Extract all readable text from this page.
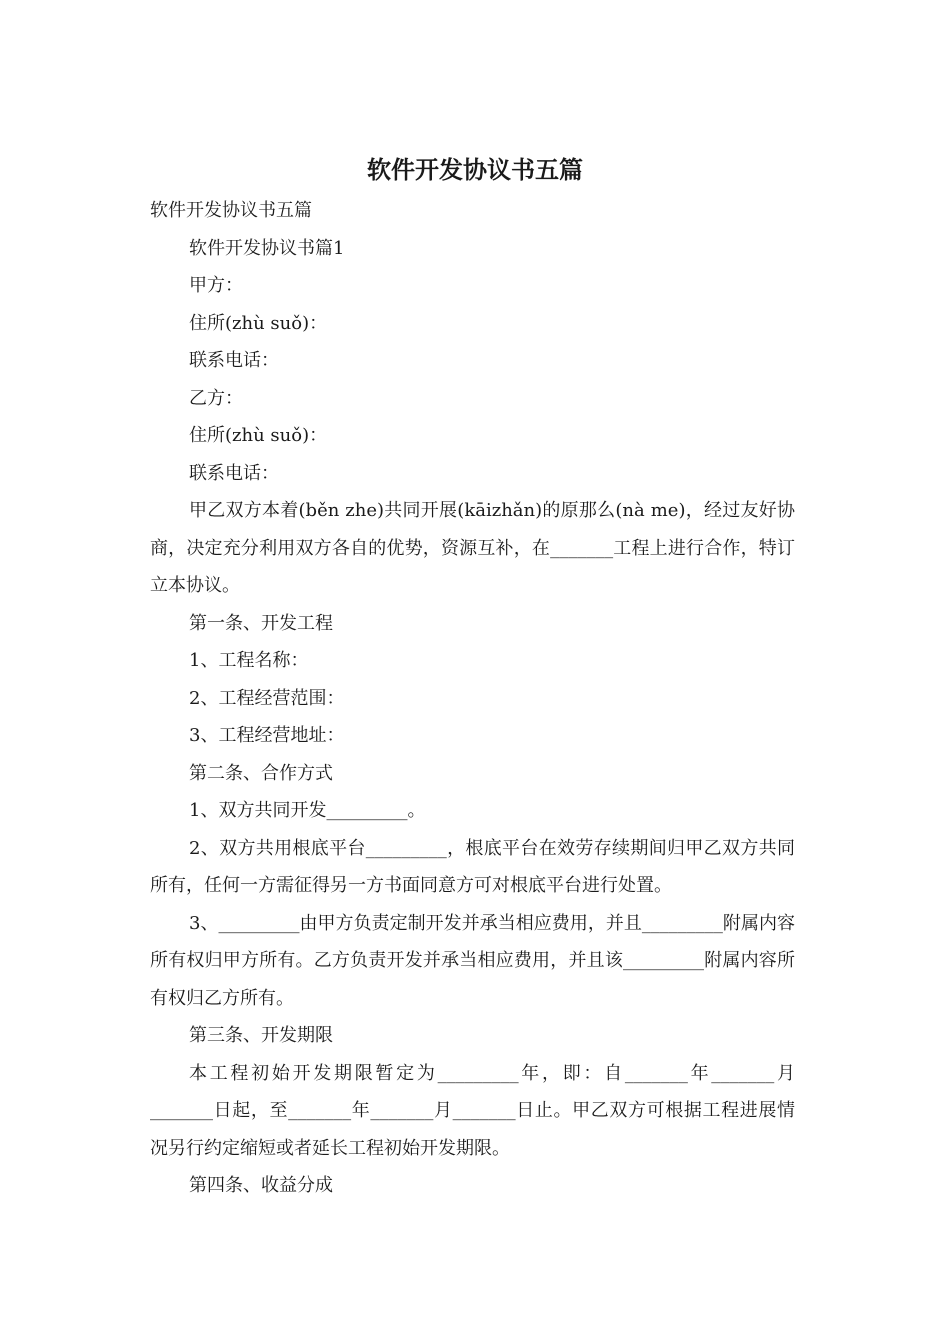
软件开发协议书五篇

软件开发协议书五篇

软件开发协议书篇1

甲方：

住所(zhù suǒ)：

联系电话：

乙方：

住所(zhù suǒ)：

联系电话：

甲乙双方本着(běn zhe)共同开展(kāizhǎn)的原那么(nà me)，经过友好协商，决定充分利用双方各自的优势，资源互补，在_______工程上进行合作，特订立本协议。

第一条、开发工程

1、工程名称：

2、工程经营范围：

3、工程经营地址：

第二条、合作方式

1、双方共同开发_________。

2、双方共用根底平台_________，根底平台在效劳存续期间归甲乙双方共同所有，任何一方需征得另一方书面同意方可对根底平台进行处置。

3、_________由甲方负责定制开发并承当相应费用，并且_________附属内容所有权归甲方所有。乙方负责开发并承当相应费用，并且该_________附属内容所有权归乙方所有。

第三条、开发期限

本工程初始开发期限暂定为_________年，即：自_______年_______月_______日起，至_______年_______月_______日止。甲乙双方可根据工程进展情况另行约定缩短或者延长工程初始开发期限。

第四条、收益分成
